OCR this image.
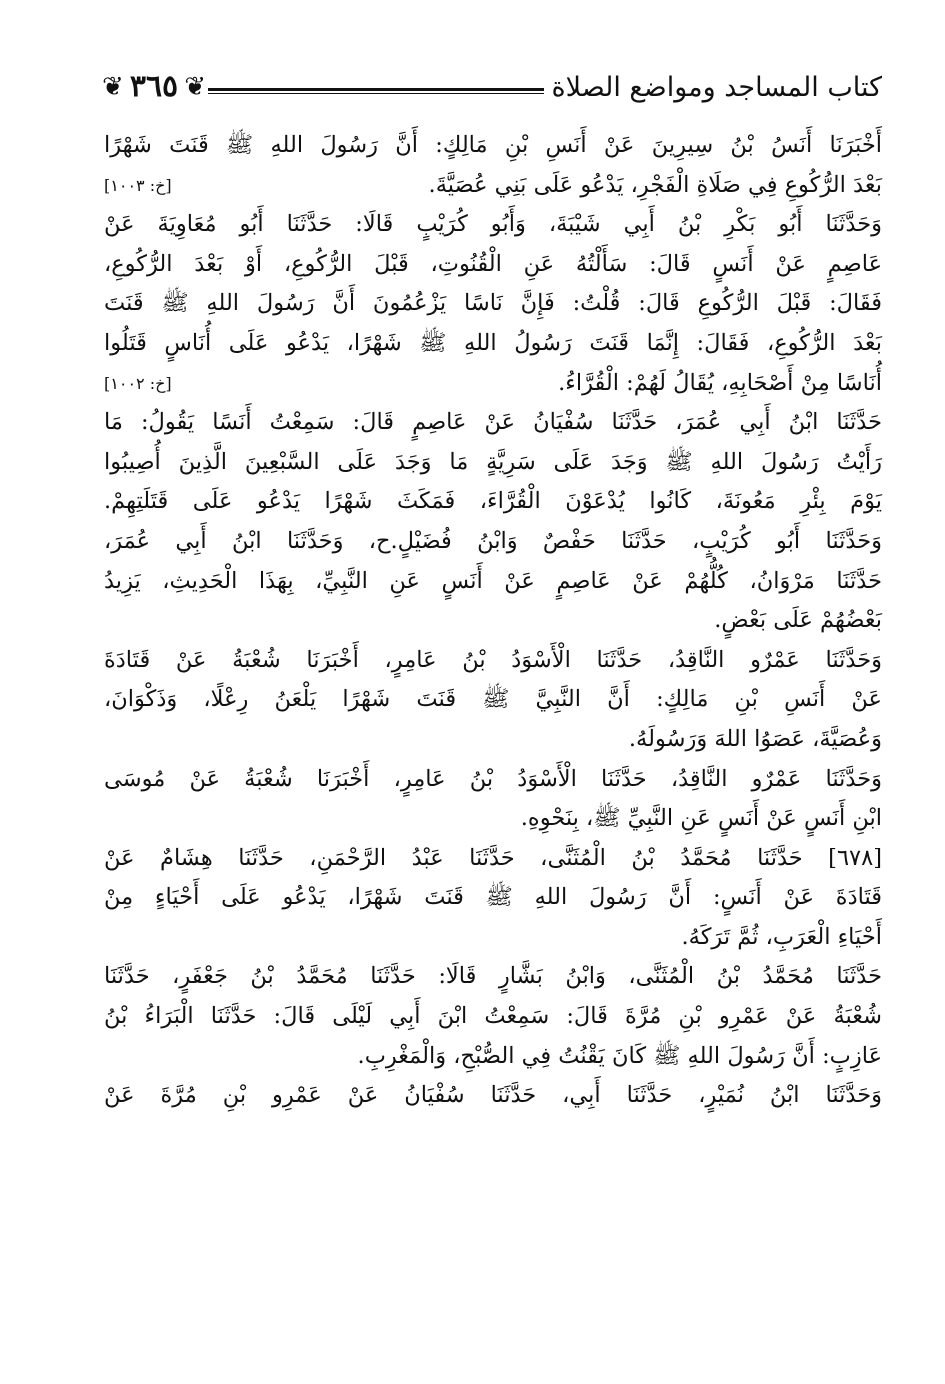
كتاب المساجد ومواضع الصلاة
❦
٣٦٥
❦
أَخْبَرَنَا أَنَسُ بْنُ سِيرِينَ عَنْ أَنَسِ بْنِ مَالِكٍ: أَنَّ رَسُولَ اللهِ ﷺ قَنَتَ شَهْرًا
بَعْدَ الرُّكُوعِ فِي صَلَاةِ الْفَجْرِ، يَدْعُو عَلَى بَنِي عُصَيَّةَ.
[خ: ١٠٠٣]
وَحَدَّثَنَا أَبُو بَكْرِ بْنُ أَبِي شَيْبَةَ، وَأَبُو كُرَيْبٍ قَالَا: حَدَّثَنَا أَبُو مُعَاوِيَةَ عَنْ
عَاصِمٍ عَنْ أَنَسٍ قَالَ: سَأَلْتُهُ عَنِ الْقُنُوتِ، قَبْلَ الرُّكُوعِ، أَوْ بَعْدَ الرُّكُوعِ،
فَقَالَ: قَبْلَ الرُّكُوعِ قَالَ: قُلْتُ: فَإِنَّ نَاسًا يَزْعُمُونَ أَنَّ رَسُولَ اللهِ ﷺ قَنَتَ
بَعْدَ الرُّكُوعِ، فَقَالَ: إِنَّمَا قَنَتَ رَسُولُ اللهِ ﷺ شَهْرًا، يَدْعُو عَلَى أُنَاسٍ قَتَلُوا
أُنَاسًا مِنْ أَصْحَابِهِ، يُقَالُ لَهُمْ: الْقُرَّاءُ.
[خ: ١٠٠٢]
حَدَّثَنَا ابْنُ أَبِي عُمَرَ، حَدَّثَنَا سُفْيَانُ عَنْ عَاصِمٍ قَالَ: سَمِعْتُ أَنَسًا يَقُولُ: مَا
رَأَيْتُ رَسُولَ اللهِ ﷺ وَجَدَ عَلَى سَرِيَّةٍ مَا وَجَدَ عَلَى السَّبْعِينَ الَّذِينَ أُصِيبُوا
يَوْمَ بِئْرِ مَعُونَةَ، كَانُوا يُدْعَوْنَ الْقُرَّاءَ، فَمَكَثَ شَهْرًا يَدْعُو عَلَى قَتَلَتِهِمْ.
وَحَدَّثَنَا أَبُو كُرَيْبٍ، حَدَّثَنَا حَفْصٌ وَابْنُ فُضَيْلٍ.ح، وَحَدَّثَنَا ابْنُ أَبِي عُمَرَ،
حَدَّثَنَا مَرْوَانُ، كُلُّهُمْ عَنْ عَاصِمٍ عَنْ أَنَسٍ عَنِ النَّبِيِّ، بِهَذَا الْحَدِيثِ، يَزِيدُ
بَعْضُهُمْ عَلَى بَعْضٍ.
وَحَدَّثَنَا عَمْرٌو النَّاقِدُ، حَدَّثَنَا الْأَسْوَدُ بْنُ عَامِرٍ، أَخْبَرَنَا شُعْبَةُ عَنْ قَتَادَةَ
عَنْ أَنَسِ بْنِ مَالِكٍ: أَنَّ النَّبِيَّ ﷺ قَنَتَ شَهْرًا يَلْعَنُ رِعْلًا، وَذَكْوَانَ،
وَعُصَيَّةَ، عَصَوُا اللهَ وَرَسُولَهُ.
وَحَدَّثَنَا عَمْرٌو النَّاقِدُ، حَدَّثَنَا الْأَسْوَدُ بْنُ عَامِرٍ، أَخْبَرَنَا شُعْبَةُ عَنْ مُوسَى
ابْنِ أَنَسٍ عَنْ أَنَسٍ عَنِ النَّبِيِّ ﷺ، بِنَحْوِهِ.
[٦٧٨] حَدَّثَنَا مُحَمَّدُ بْنُ الْمُثَنَّى، حَدَّثَنَا عَبْدُ الرَّحْمَنِ، حَدَّثَنَا هِشَامٌ عَنْ
قَتَادَةَ عَنْ أَنَسٍ: أَنَّ رَسُولَ اللهِ ﷺ قَنَتَ شَهْرًا، يَدْعُو عَلَى أَحْيَاءٍ مِنْ
أَحْيَاءِ الْعَرَبِ، ثُمَّ تَرَكَهُ.
حَدَّثَنَا مُحَمَّدُ بْنُ الْمُثَنَّى، وَابْنُ بَشَّارٍ قَالَا: حَدَّثَنَا مُحَمَّدُ بْنُ جَعْفَرٍ، حَدَّثَنَا
شُعْبَةُ عَنْ عَمْرِو بْنِ مُرَّةَ قَالَ: سَمِعْتُ ابْنَ أَبِي لَيْلَى قَالَ: حَدَّثَنَا الْبَرَاءُ بْنُ
عَازِبٍ: أَنَّ رَسُولَ اللهِ ﷺ كَانَ يَقْنُتُ فِي الصُّبْحِ، وَالْمَغْرِبِ.
وَحَدَّثَنَا ابْنُ نُمَيْرٍ، حَدَّثَنَا أَبِي، حَدَّثَنَا سُفْيَانُ عَنْ عَمْرِو بْنِ مُرَّةَ عَنْ
